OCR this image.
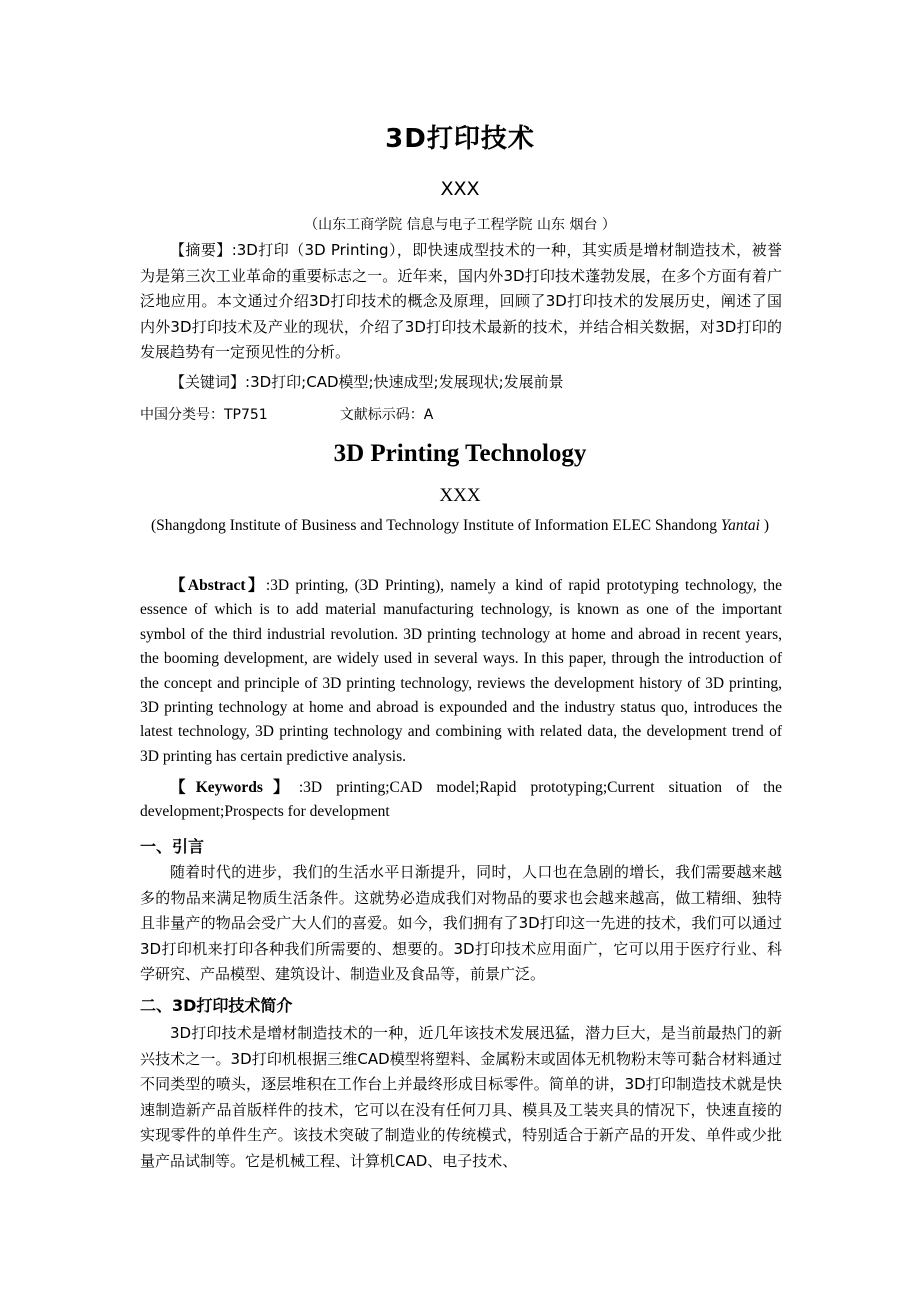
3D打印技术
XXX
（山东工商学院 信息与电子工程学院 山东 烟台 ）
【摘要】:3D打印（3D Printing），即快速成型技术的一种，其实质是增材制造技术，被誉为是第三次工业革命的重要标志之一。近年来，国内外3D打印技术蓬勃发展，在多个方面有着广泛地应用。本文通过介绍3D打印技术的概念及原理，回顾了3D打印技术的发展历史，阐述了国内外3D打印技术及产业的现状，介绍了3D打印技术最新的技术，并结合相关数据，对3D打印的发展趋势有一定预见性的分析。
【关键词】:3D打印;CAD模型;快速成型;发展现状;发展前景
中国分类号：TP751	文献标示码：A
3D Printing Technology
XXX
(Shangdong Institute of Business and Technology Institute of Information ELEC Shandong Yantai )
【Abstract】:3D printing, (3D Printing), namely a kind of rapid prototyping technology, the essence of which is to add material manufacturing technology, is known as one of the important symbol of the third industrial revolution. 3D printing technology at home and abroad in recent years, the booming development, are widely used in several ways. In this paper, through the introduction of the concept and principle of 3D printing technology, reviews the development history of 3D printing, 3D printing technology at home and abroad is expounded and the industry status quo, introduces the latest technology, 3D printing technology and combining with related data, the development trend of 3D printing has certain predictive analysis.
【Keywords】:3D printing;CAD model;Rapid prototyping;Current situation of the development;Prospects for development
一、引言
随着时代的进步，我们的生活水平日渐提升，同时，人口也在急剧的增长，我们需要越来越多的物品来满足物质生活条件。这就势必造成我们对物品的要求也会越来越高，做工精细、独特且非量产的物品会受广大人们的喜爱。如今，我们拥有了3D打印这一先进的技术，我们可以通过3D打印机来打印各种我们所需要的、想要的。3D打印技术应用面广，它可以用于医疗行业、科学研究、产品模型、建筑设计、制造业及食品等，前景广泛。
二、3D打印技术简介
3D打印技术是增材制造技术的一种，近几年该技术发展迅猛，潜力巨大，是当前最热门的新兴技术之一。3D打印机根据三维CAD模型将塑料、金属粉末或固体无机物粉末等可黏合材料通过不同类型的喷头，逐层堆积在工作台上并最终形成目标零件。简单的讲，3D打印制造技术就是快速制造新产品首版样件的技术，它可以在没有任何刀具、模具及工装夹具的情况下，快速直接的实现零件的单件生产。该技术突破了制造业的传统模式，特别适合于新产品的开发、单件或少批量产品试制等。它是机械工程、计算机CAD、电子技术、
